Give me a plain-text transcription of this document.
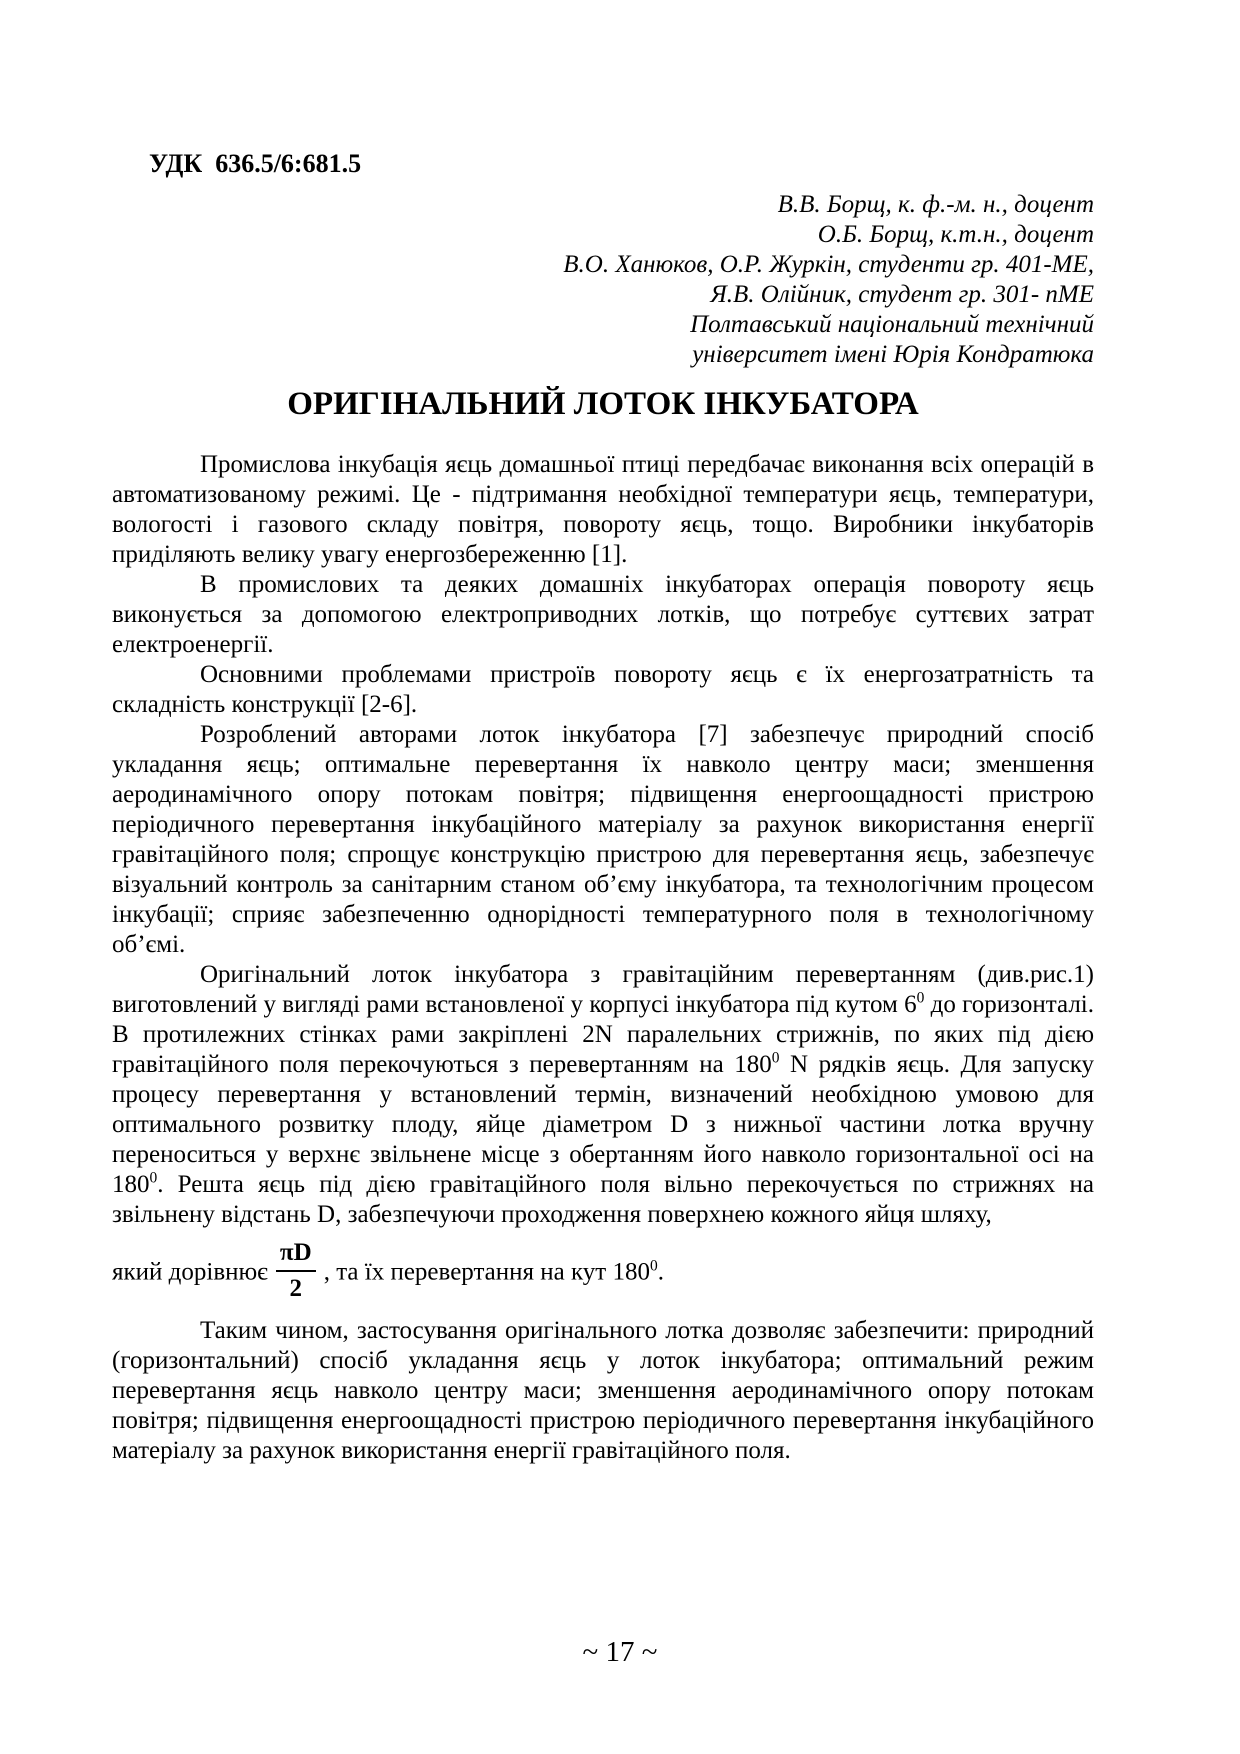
УДК  636.5/6:681.5
В.В. Борщ, к. ф.-м. н., доцент
О.Б. Борщ, к.т.н., доцент
В.О. Ханюков, О.Р. Журкін, студенти гр. 401-МЕ,
Я.В. Олійник, студент гр. 301- пМЕ
Полтавський національний технічний
університет імені Юрія Кондратюка
ОРИГІНАЛЬНИЙ ЛОТОК ІНКУБАТОРА

Промислова інкубація яєць домашньої птиці передбачає виконання всіх операцій в автоматизованому режимі. Це - підтримання необхідної температури яєць, температури, вологості і газового складу повітря, повороту яєць, тощо. Виробники інкубаторів приділяють велику увагу енергозбереженню [1].

В промислових та деяких домашніх інкубаторах операція повороту яєць виконується за допомогою електроприводних лотків, що потребує суттєвих затрат електроенергії.

Основними проблемами пристроїв повороту яєць є їх енергозатратність та складність конструкції [2-6].

Розроблений авторами лоток інкубатора [7] забезпечує природний спосіб укладання яєць; оптимальне перевертання їх навколо центру маси; зменшення аеродинамічного опору потокам повітря; підвищення енергоощадності пристрою періодичного перевертання інкубаційного матеріалу за рахунок використання енергії гравітаційного поля; спрощує конструкцію пристрою для перевертання яєць, забезпечує візуальний контроль за санітарним станом об’єму інкубатора, та технологічним процесом інкубації; сприяє забезпеченню однорідності температурного поля в технологічному об’ємі.

Оригінальний лоток інкубатора з гравітаційним перевертанням (див.рис.1) виготовлений у вигляді рами встановленої у корпусі інкубатора під кутом $6^0$ до горизонталі. В протилежних стінках рами закріплені 2N паралельних стрижнів, по яких під дією гравітаційного поля перекочуються з перевертанням на $180^0$ N рядків яєць. Для запуску процесу перевертання у встановлений термін, визначений необхідною умовою для оптимального розвитку плоду, яйце діаметром D з нижньої частини лотка вручну переноситься у верхнє звільнене місце з обертанням його навколо горизонтальної осі на $180^0$. Решта яєць під дією гравітаційного поля вільно перекочується по стрижнях на звільнену відстань D, забезпечуючи проходження поверхнею кожного яйця шляху,

який дорівнює $\frac{\pi D}{2}$ , та їх перевертання на кут $180^0$.

Таким чином, застосування оригінального лотка дозволяє забезпечити: природний (горизонтальний) спосіб укладання яєць у лоток інкубатора; оптимальний режим перевертання яєць навколо центру маси; зменшення аеродинамічного опору потокам повітря; підвищення енергоощадності пристрою періодичного перевертання інкубаційного матеріалу за рахунок використання енергії гравітаційного поля.

~ 17 ~
